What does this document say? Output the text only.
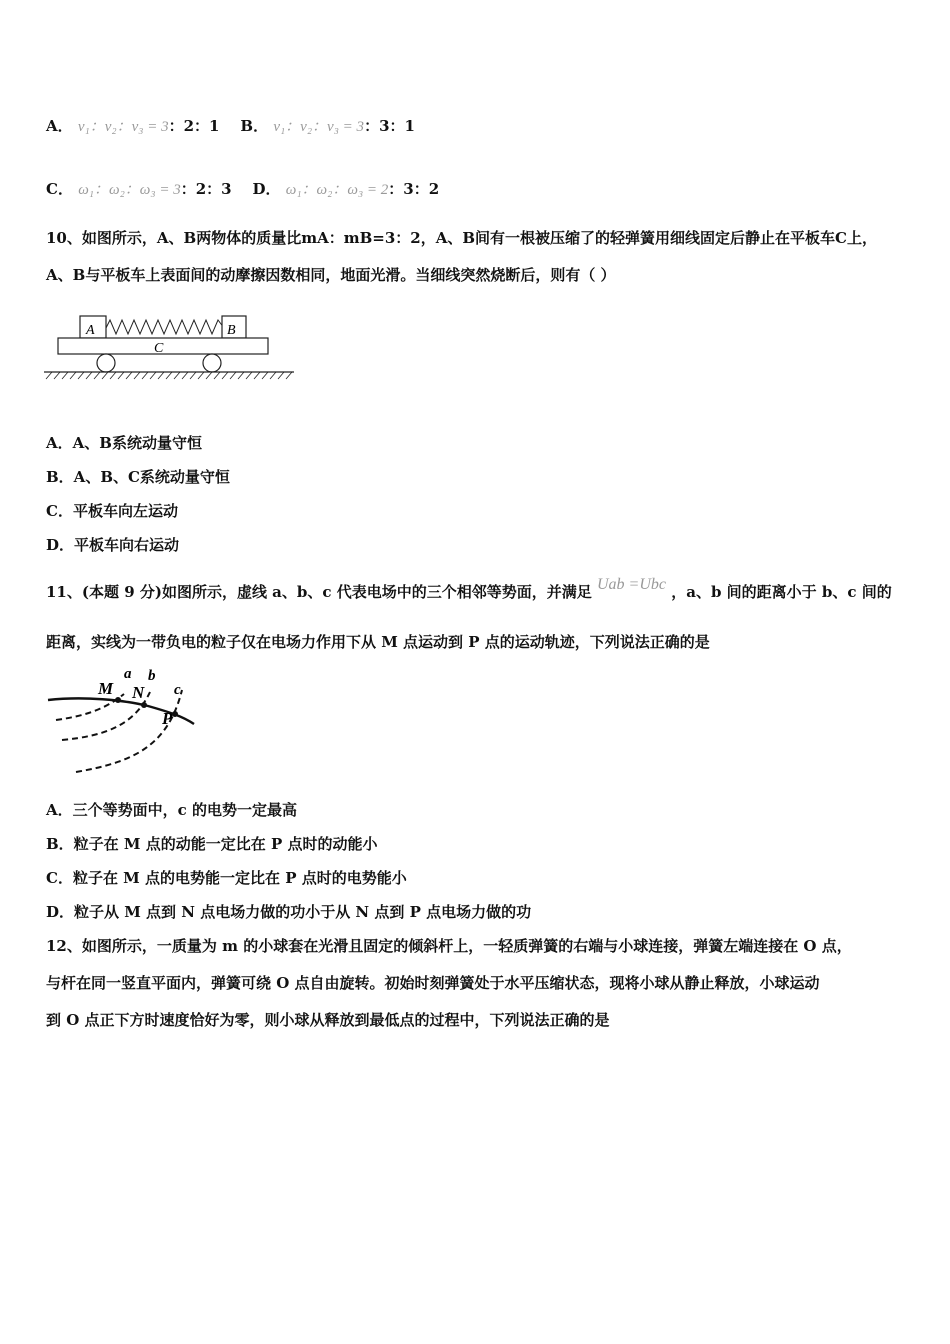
A． v₁：v₂：v₃ = 3：2：1 B． v₁：v₂：v₃ = 3：3：1
C． ω₁：ω₂：ω₃ = 3：2：3 D． ω₁：ω₂：ω₃ = 2：3：2
10、如图所示，A、B两物体的质量比mA：mB=3：2，A、B间有一根被压缩了的轻弹簧用细线固定后静止在平板车C上，
A、B与平板车上表面间的动摩擦因数相同，地面光滑。当细线突然烧断后，则有（ ）
A	B
C
A．A、B系统动量守恒
B．A、B、C系统动量守恒
C．平板车向左运动
D．平板车向右运动
11、(本题 9 分)如图所示，虚线 a、b、c 代表电场中的三个相邻等势面，并满足 Uab =Ubc ，a、b 间的距离小于 b、c 间的
距离，实线为一带负电的粒子仅在电场力作用下从 M 点运动到 P 点的运动轨迹，下列说法正确的是
M N
P
a b
c
A．三个等势面中，c 的电势一定最高
B．粒子在 M 点的动能一定比在 P 点时的动能小
C．粒子在 M 点的电势能一定比在 P 点时的电势能小
D．粒子从 M 点到 N 点电场力做的功小于从 N 点到 P 点电场力做的功
12、如图所示，一质量为 m 的小球套在光滑且固定的倾斜杆上，一轻质弹簧的右端与小球连接，弹簧左端连接在 O 点，
与杆在同一竖直平面内，弹簧可绕 O 点自由旋转。初始时刻弹簧处于水平压缩状态，现将小球从静止释放，小球运动
到 O 点正下方时速度恰好为零，则小球从释放到最低点的过程中，下列说法正确的是
